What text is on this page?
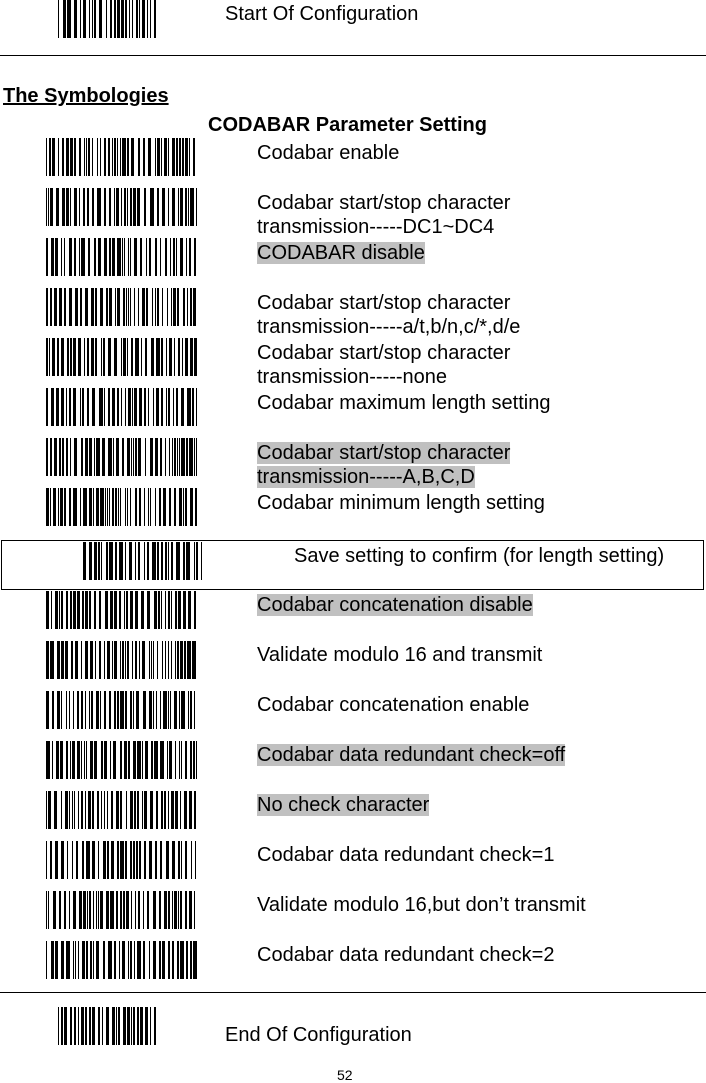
Start Of Configuration
The Symbologies
CODABAR Parameter Setting
Codabar enable
Codabar start/stop character
transmission-----DC1~DC4
CODABAR disable
Codabar start/stop character
transmission-----a/t,b/n,c/*,d/e
Codabar start/stop character
transmission-----none
Codabar maximum length setting
Codabar start/stop character
transmission-----A,B,C,D
Codabar minimum length setting
Save setting to confirm (for length setting)
Codabar concatenation disable
Validate modulo 16 and transmit
Codabar concatenation enable
Codabar data redundant check=off
No check character
Codabar data redundant check=1
Validate modulo 16,but don’t transmit
Codabar data redundant check=2
End Of Configuration
52
